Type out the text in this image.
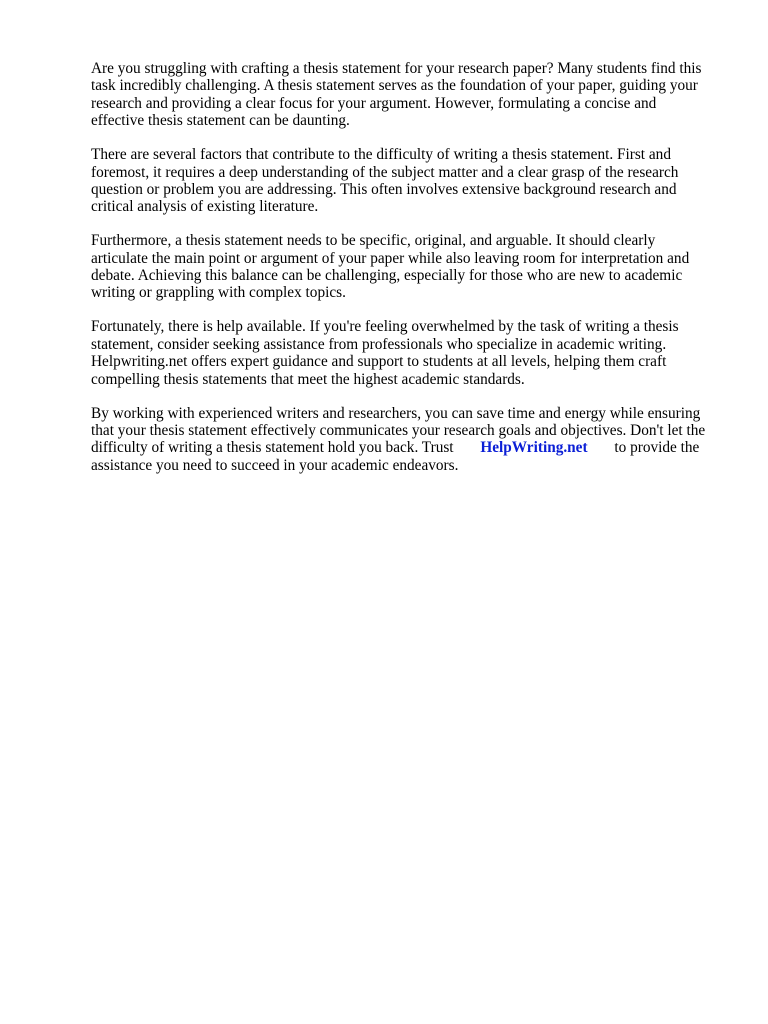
Are you struggling with crafting a thesis statement for your research paper? Many students find this
task incredibly challenging. A thesis statement serves as the foundation of your paper, guiding your
research and providing a clear focus for your argument. However, formulating a concise and
effective thesis statement can be daunting.

There are several factors that contribute to the difficulty of writing a thesis statement. First and
foremost, it requires a deep understanding of the subject matter and a clear grasp of the research
question or problem you are addressing. This often involves extensive background research and
critical analysis of existing literature.

Furthermore, a thesis statement needs to be specific, original, and arguable. It should clearly
articulate the main point or argument of your paper while also leaving room for interpretation and
debate. Achieving this balance can be challenging, especially for those who are new to academic
writing or grappling with complex topics.

Fortunately, there is help available. If you're feeling overwhelmed by the task of writing a thesis
statement, consider seeking assistance from professionals who specialize in academic writing.
Helpwriting.net offers expert guidance and support to students at all levels, helping them craft
compelling thesis statements that meet the highest academic standards.

By working with experienced writers and researchers, you can save time and energy while ensuring
that your thesis statement effectively communicates your research goals and objectives. Don't let the
difficulty of writing a thesis statement hold you back. Trust HelpWriting.net to provide the
assistance you need to succeed in your academic endeavors.
